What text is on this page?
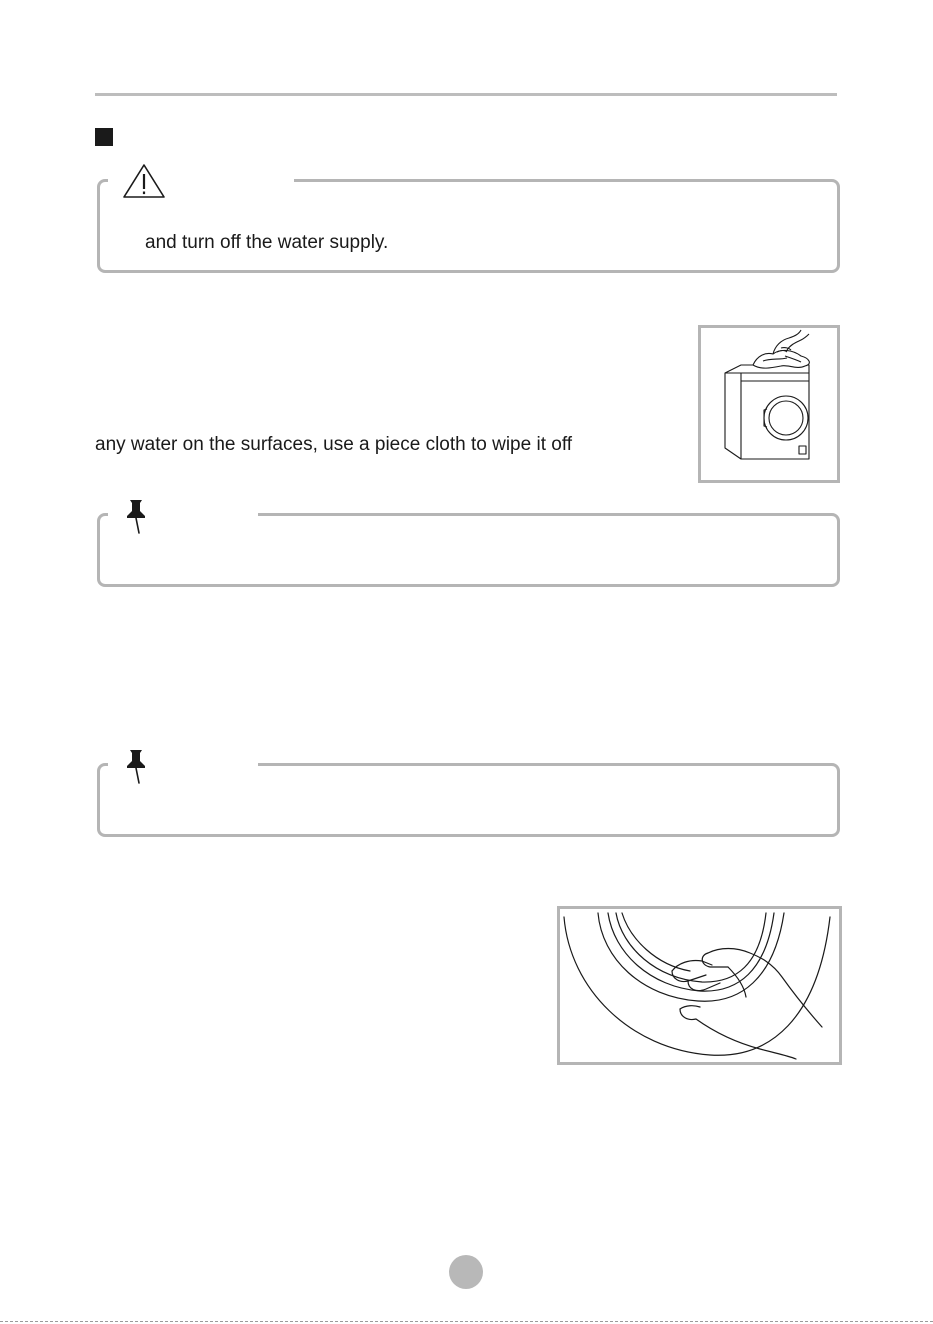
and turn off the water supply.
any water on the surfaces, use a piece cloth to wipe it off
